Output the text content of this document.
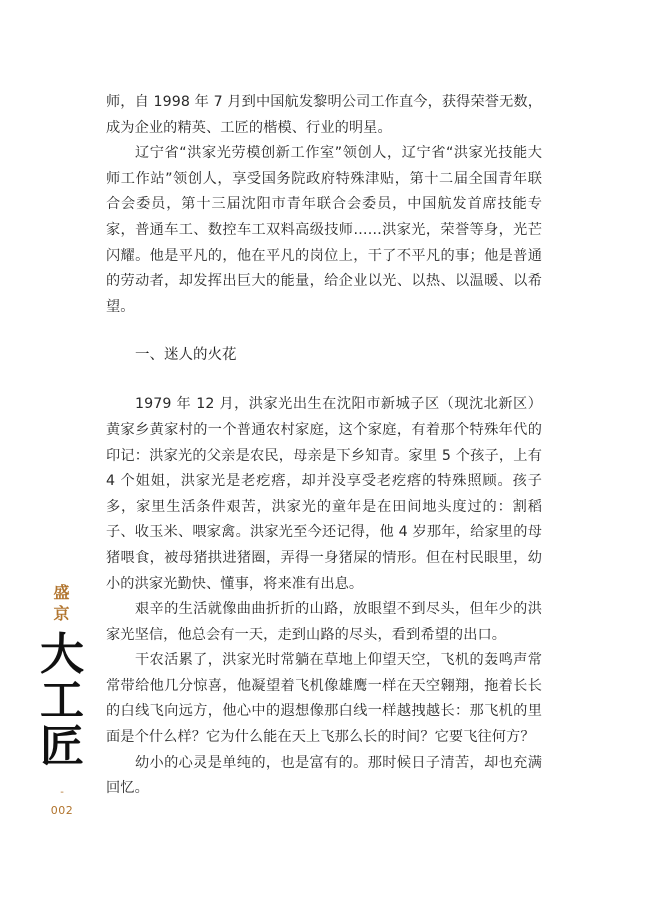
师，自 1998 年 7 月到中国航发黎明公司工作直今，获得荣誉无数，成为企业的精英、工匠的楷模、行业的明星。

辽宁省“洪家光劳模创新工作室”领创人，辽宁省“洪家光技能大师工作站”领创人，享受国务院政府特殊津贴，第十二届全国青年联合会委员，第十三届沈阳市青年联合会委员，中国航发首席技能专家，普通车工、数控车工双料高级技师……洪家光，荣誉等身，光芒闪耀。他是平凡的，他在平凡的岗位上，干了不平凡的事；他是普通的劳动者，却发挥出巨大的能量，给企业以光、以热、以温暖、以希望。

一、迷人的火花

1979 年 12 月，洪家光出生在沈阳市新城子区（现沈北新区）黄家乡黄家村的一个普通农村家庭，这个家庭，有着那个特殊年代的印记：洪家光的父亲是农民，母亲是下乡知青。家里 5 个孩子，上有 4 个姐姐，洪家光是老疙瘩，却并没享受老疙瘩的特殊照顾。孩子多，家里生活条件艰苦，洪家光的童年是在田间地头度过的：割稻子、收玉米、喂家禽。洪家光至今还记得，他 4 岁那年，给家里的母猪喂食，被母猪拱进猪圈，弄得一身猪屎的情形。但在村民眼里，幼小的洪家光勤快、懂事，将来准有出息。

艰辛的生活就像曲曲折折的山路，放眼望不到尽头，但年少的洪家光坚信，他总会有一天，走到山路的尽头，看到希望的出口。

干农活累了，洪家光时常躺在草地上仰望天空，飞机的轰鸣声常常带给他几分惊喜，他凝望着飞机像雄鹰一样在天空翱翔，拖着长长的白线飞向远方，他心中的遐想像那白线一样越拽越长：那飞机的里面是个什么样？它为什么能在天上飞那么长的时间？它要飞往何方？

幼小的心灵是单纯的，也是富有的。那时候日子清苦，却也充满回忆。

盛
京
大
工
匠
-
002
